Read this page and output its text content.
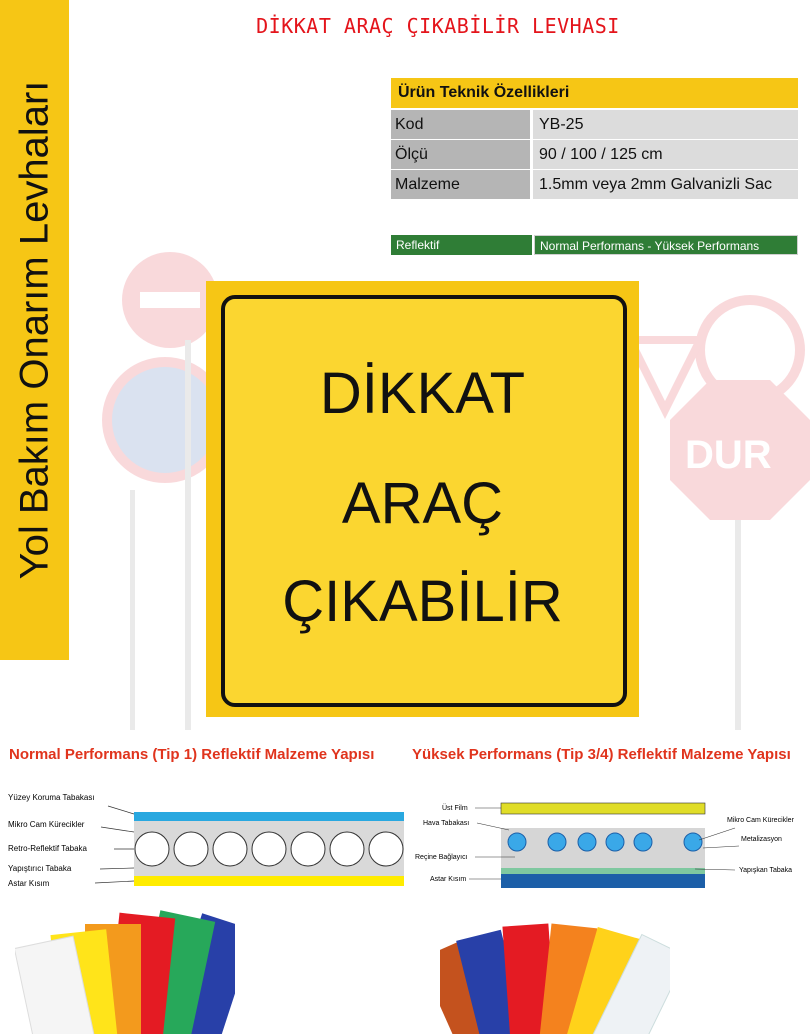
DUR
Yol Bakım Onarım Levhaları
DİKKAT ARAÇ ÇIKABİLİR LEVHASI
Ürün Teknik Özellikleri
Kod	YB-25
Ölçü	90 / 100 / 125 cm
Malzeme	1.5mm veya 2mm Galvanizli Sac
Reflektif	Normal Performans - Yüksek Performans
DİKKAT
ARAÇ
ÇIKABİLİR
Normal Performans (Tip 1) Reflektif Malzeme Yapısı	Yüksek Performans (Tip 3/4) Reflektif Malzeme Yapısı
Yüzey Koruma Tabakası
Mikro Cam Kürecikler
Retro-Reflektif Tabaka
Yapıştırıcı Tabaka
Astar Kısım
Üst Film
Hava Tabakası
Reçine Bağlayıcı
Astar Kısım
Mikro Cam Kürecikler
Metalizasyon
Yapışkan Tabaka
